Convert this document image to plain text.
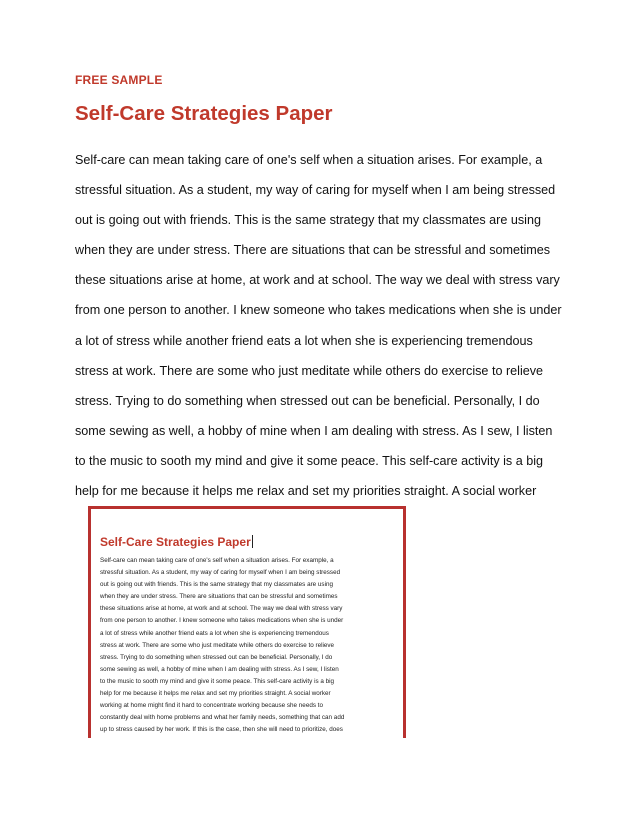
FREE SAMPLE
Self-Care Strategies Paper
Self-care can mean taking care of one's self when a situation arises. For example, a
stressful situation. As a student, my way of caring for myself when I am being stressed
out is going out with friends. This is the same strategy that my classmates are using
when they are under stress. There are situations that can be stressful and sometimes
these situations arise at home, at work and at school. The way we deal with stress vary
from one person to another. I knew someone who takes medications when she is under
a lot of stress while another friend eats a lot when she is experiencing tremendous
stress at work. There are some who just meditate while others do exercise to relieve
stress. Trying to do something when stressed out can be beneficial. Personally, I do
some sewing as well, a hobby of mine when I am dealing with stress. As I sew, I listen
to the music to sooth my mind and give it some peace. This self-care activity is a big
help for me because it helps me relax and set my priorities straight. A social worker
Self-Care Strategies Paper
Self-care can mean taking care of one's self when a situation arises. For example, a
stressful situation. As a student, my way of caring for myself when I am being stressed
out is going out with friends. This is the same strategy that my classmates are using
when they are under stress. There are situations that can be stressful and sometimes
these situations arise at home, at work and at school. The way we deal with stress vary
from one person to another. I knew someone who takes medications when she is under
a lot of stress while another friend eats a lot when she is experiencing tremendous
stress at work. There are some who just meditate while others do exercise to relieve
stress. Trying to do something when stressed out can be beneficial. Personally, I do
some sewing as well, a hobby of mine when I am dealing with stress. As I sew, I listen
to the music to sooth my mind and give it some peace. This self-care activity is a big
help for me because it helps me relax and set my priorities straight. A social worker
working at home might find it hard to concentrate working because she needs to
constantly deal with home problems and what her family needs, something that can add
up to stress caused by her work. If this is the case, then she will need to prioritize, does
